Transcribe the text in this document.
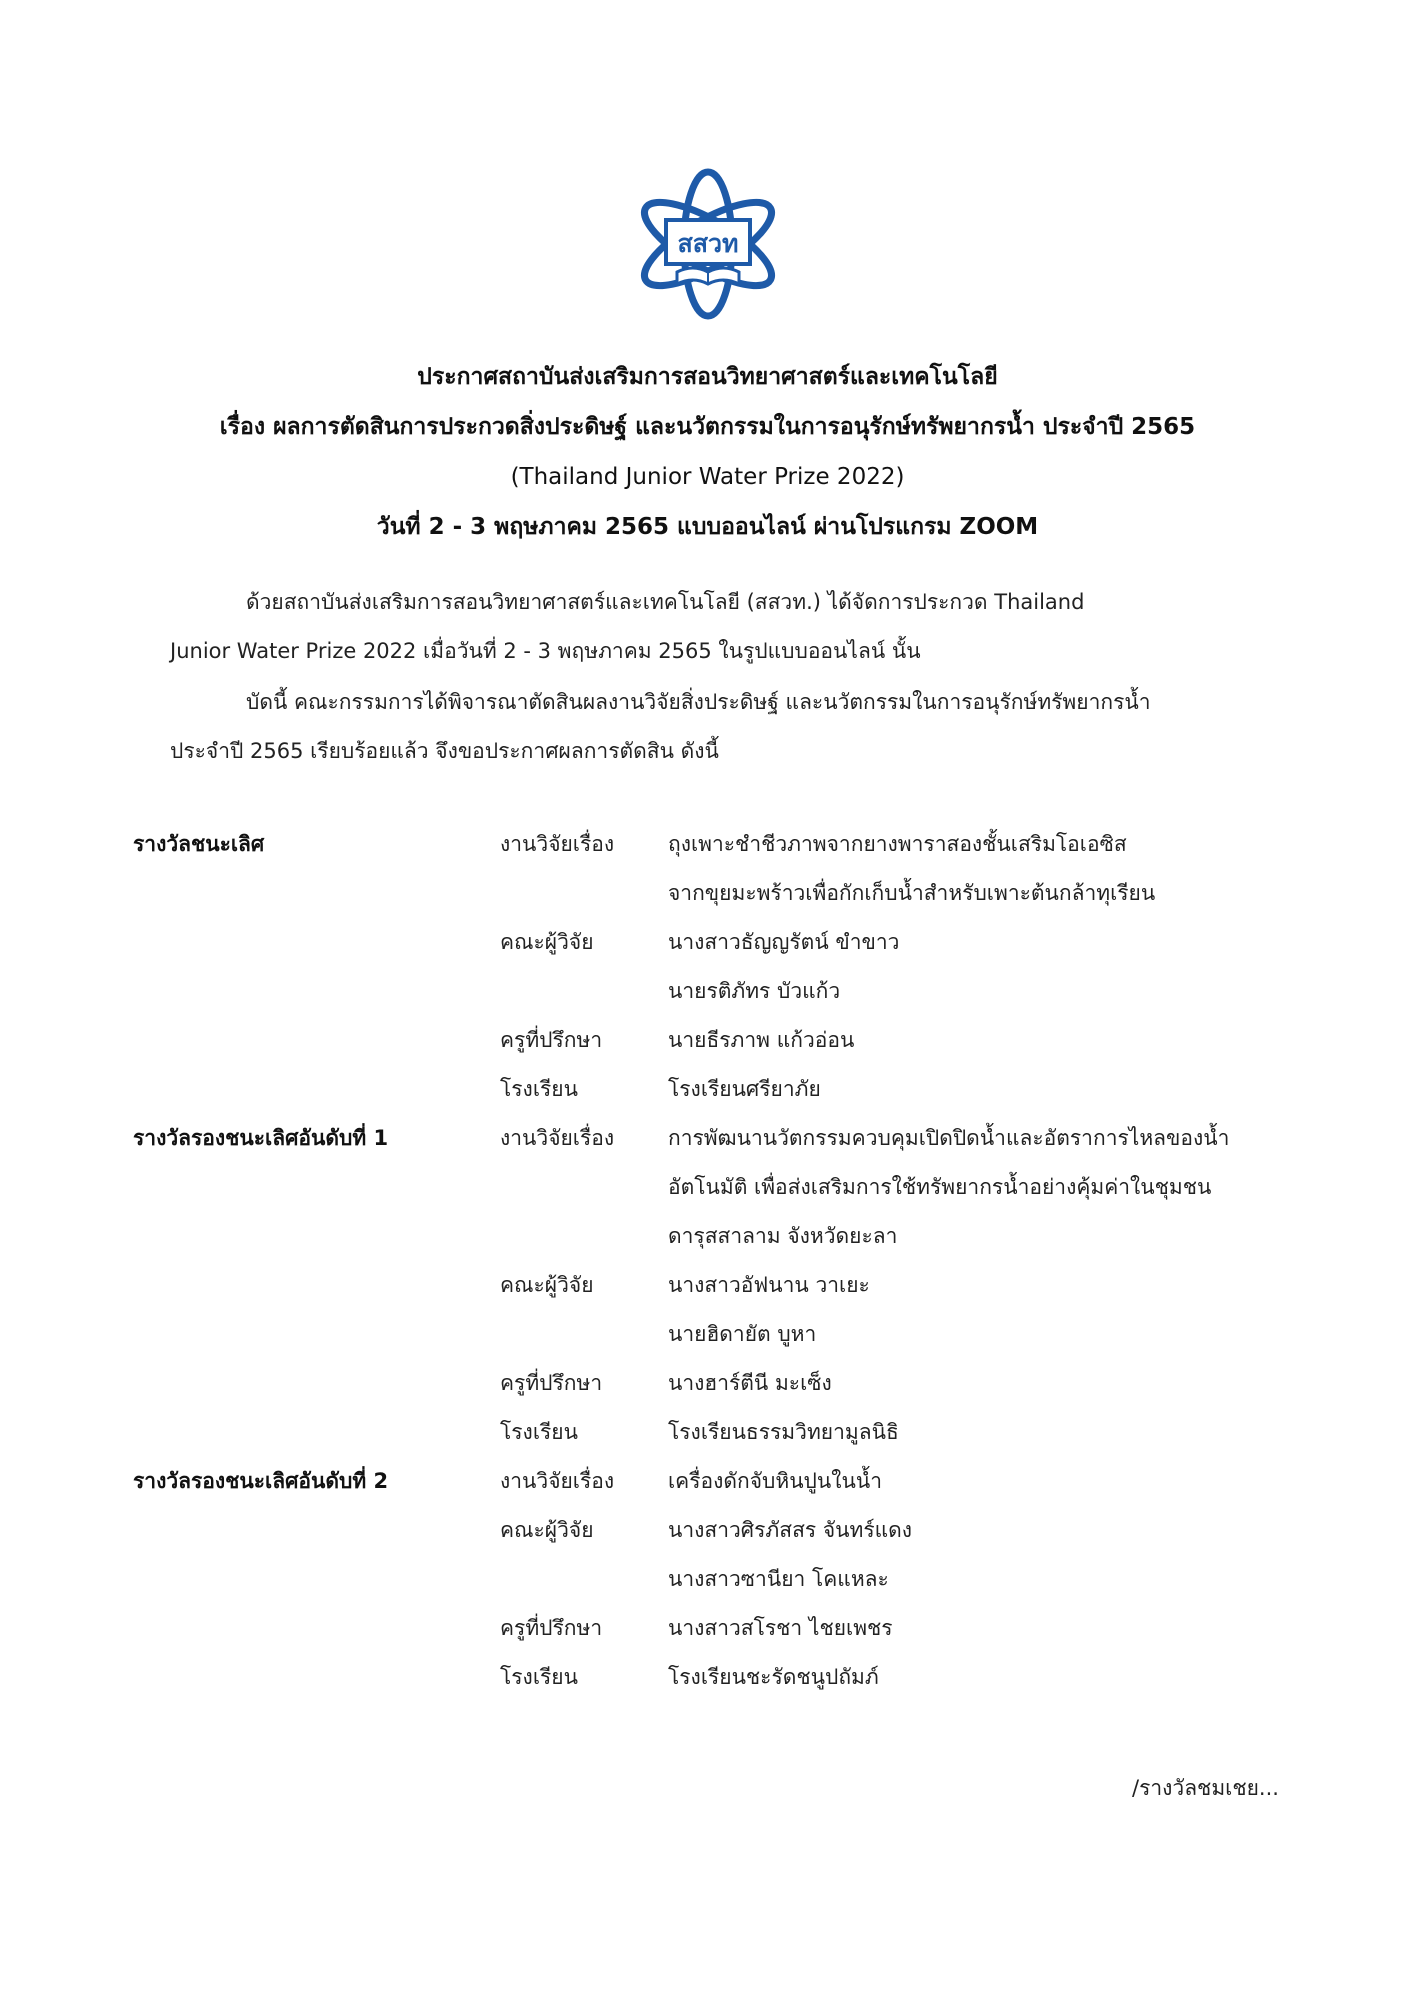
สสวท
ประกาศสถาบันส่งเสริมการสอนวิทยาศาสตร์และเทคโนโลยี
เรื่อง ผลการตัดสินการประกวดสิ่งประดิษฐ์ และนวัตกรรมในการอนุรักษ์ทรัพยากรน้ำ ประจำปี 2565
(Thailand Junior Water Prize 2022)
วันที่ 2 - 3 พฤษภาคม 2565 แบบออนไลน์ ผ่านโปรแกรม ZOOM
ด้วยสถาบันส่งเสริมการสอนวิทยาศาสตร์และเทคโนโลยี (สสวท.) ได้จัดการประกวด Thailand
Junior Water Prize 2022 เมื่อวันที่ 2 - 3 พฤษภาคม 2565 ในรูปแบบออนไลน์ นั้น
บัดนี้ คณะกรรมการได้พิจารณาตัดสินผลงานวิจัยสิ่งประดิษฐ์ และนวัตกรรมในการอนุรักษ์ทรัพยากรน้ำ
ประจำปี 2565 เรียบร้อยแล้ว จึงขอประกาศผลการตัดสิน ดังนี้
รางวัลชนะเลิศ	งานวิจัยเรื่อง	ถุงเพาะชำชีวภาพจากยางพาราสองชั้นเสริมโอเอซิส
จากขุยมะพร้าวเพื่อกักเก็บน้ำสำหรับเพาะต้นกล้าทุเรียน
คณะผู้วิจัย	นางสาวธัญญรัตน์ ขำขาว
นายรติภัทร บัวแก้ว
ครูที่ปรึกษา	นายธีรภาพ แก้วอ่อน
โรงเรียน	โรงเรียนศรียาภัย
รางวัลรองชนะเลิศอันดับที่ 1	งานวิจัยเรื่อง	การพัฒนานวัตกรรมควบคุมเปิดปิดน้ำและอัตราการไหลของน้ำ
อัตโนมัติ เพื่อส่งเสริมการใช้ทรัพยากรน้ำอย่างคุ้มค่าในชุมชน
ดารุสสาลาม จังหวัดยะลา
คณะผู้วิจัย	นางสาวอัฟนาน วาเยะ
นายฮิดายัต บูหา
ครูที่ปรึกษา	นางฮาร์ตีนี มะเซ็ง
โรงเรียน	โรงเรียนธรรมวิทยามูลนิธิ
รางวัลรองชนะเลิศอันดับที่ 2	งานวิจัยเรื่อง	เครื่องดักจับหินปูนในน้ำ
คณะผู้วิจัย	นางสาวศิรภัสสร จันทร์แดง
นางสาวซานียา โคแหละ
ครูที่ปรึกษา	นางสาวสโรชา ไชยเพชร
โรงเรียน	โรงเรียนชะรัดชนูปถัมภ์
/รางวัลชมเชย...
